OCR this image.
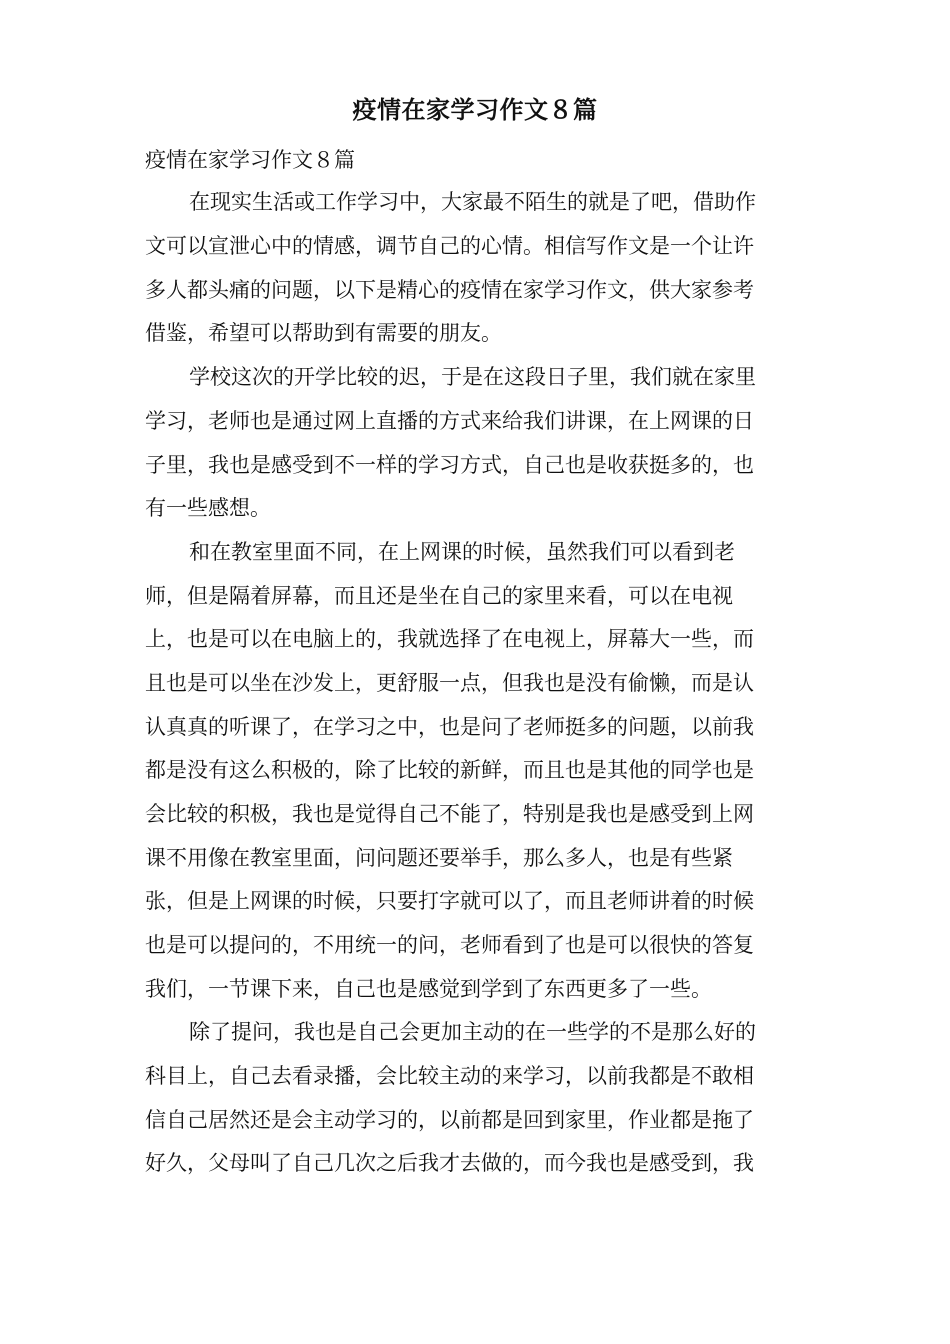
疫情在家学习作文８篇
疫情在家学习作文８篇
在现实生活或工作学习中，大家最不陌生的就是了吧，借助作
文可以宣泄心中的情感，调节自己的心情。相信写作文是一个让许
多人都头痛的问题，以下是精心的疫情在家学习作文，供大家参考
借鉴，希望可以帮助到有需要的朋友。
学校这次的开学比较的迟，于是在这段日子里，我们就在家里
学习，老师也是通过网上直播的方式来给我们讲课，在上网课的日
子里，我也是感受到不一样的学习方式，自己也是收获挺多的，也
有一些感想。
和在教室里面不同，在上网课的时候，虽然我们可以看到老
师，但是隔着屏幕，而且还是坐在自己的家里来看，可以在电视
上，也是可以在电脑上的，我就选择了在电视上，屏幕大一些，而
且也是可以坐在沙发上，更舒服一点，但我也是没有偷懒，而是认
认真真的听课了，在学习之中，也是问了老师挺多的问题，以前我
都是没有这么积极的，除了比较的新鲜，而且也是其他的同学也是
会比较的积极，我也是觉得自己不能了，特别是我也是感受到上网
课不用像在教室里面，问问题还要举手，那么多人，也是有些紧
张，但是上网课的时候，只要打字就可以了，而且老师讲着的时候
也是可以提问的，不用统一的问，老师看到了也是可以很快的答复
我们，一节课下来，自己也是感觉到学到了东西更多了一些。
除了提问，我也是自己会更加主动的在一些学的不是那么好的
科目上，自己去看录播，会比较主动的来学习，以前我都是不敢相
信自己居然还是会主动学习的，以前都是回到家里，作业都是拖了
好久，父母叫了自己几次之后我才去做的，而今我也是感受到，我
